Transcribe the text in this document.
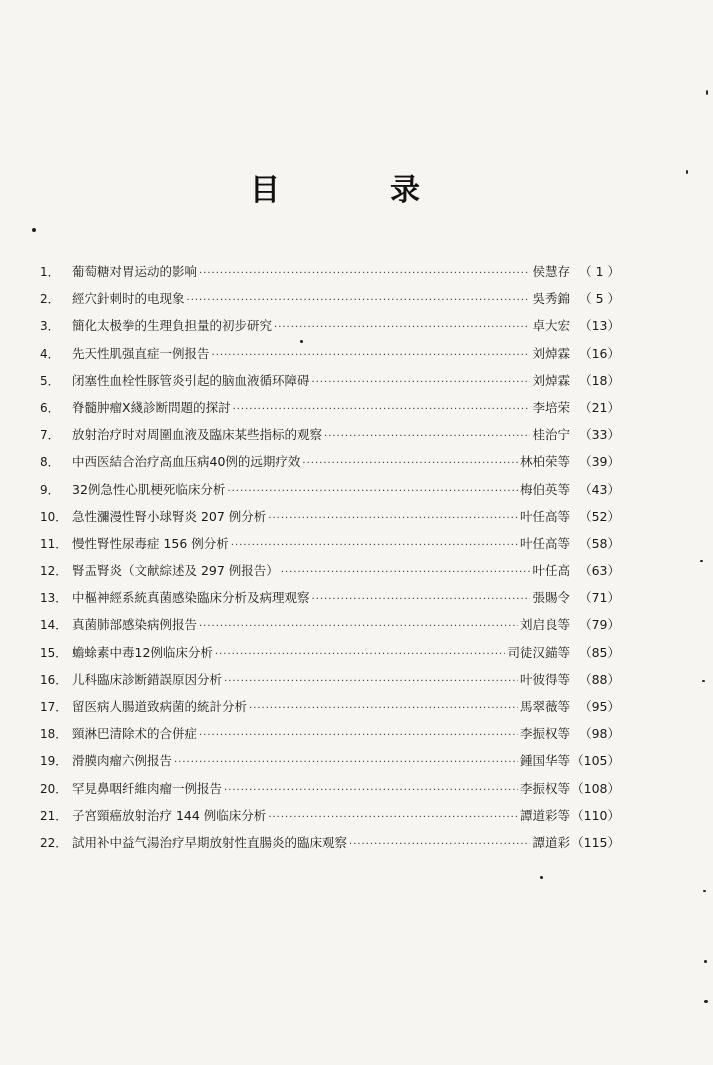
目	录
1． 葡萄糖对胃运动的影响 ·····	侯慧存 （ 1 ）
2． 經穴針刺时的电现象 ·····	吳秀錦 （ 5 ）
3． 簡化太极拳的生理負担量的初步研究 ·····	卓大宏 （13）
4． 先天性肌强直症一例报告 ·····	刘焯霖 （16）
5． 闭塞性血栓性豚管炎引起的脑血液循环障碍 ·····	刘焯霖 （18）
6． 脊髓肿瘤X綫診断問題的探討 ·····	李培荣 （21）
7． 放射治疗时对周圍血液及臨床某些指标的观察 ·····	桂治宁 （33）
8． 中西医結合治疗高血压病40例的远期疗效 ·····	林柏荣等 （39）
9． 32例急性心肌梗死临床分析 ·····	梅伯英等 （43）
10． 急性瀰漫性腎小球腎炎 207 例分析 ·····	叶任高等 （52）
11． 慢性腎性尿毒症 156 例分析 ·····	叶任高等 （58）
12． 腎盂腎炎（文献綜述及 297 例报告） ·····	叶任高 （63）
13． 中樞神經系統真菌感染臨床分析及病理观察 ·····	張賜令 （71）
14． 真菌肺部感染病例报告 ·····	刘启良等 （79）
15． 蟾蜍素中毒12例临床分析 ·····	司徒汉錨等 （85）
16． 儿科臨床診断錯誤原因分析 ·····	叶彼得等 （88）
17． 留医病人腸道致病菌的統計分析 ·····	馬翠薇等 （95）
18． 頸淋巴清除术的合併症 ·····	李振权等 （98）
19． 滑膜肉瘤六例报告 ·····	鍾国华等 （105）
20． 罕見鼻咽纤維肉瘤一例报告 ·····	李振权等 （108）
21． 子宮頸癌放射治疗 144 例临床分析 ·····	譚道彩等 （110）
22． 試用补中益气湯治疗早期放射性直腸炎的臨床观察 ·····	譚道彩 （115）
